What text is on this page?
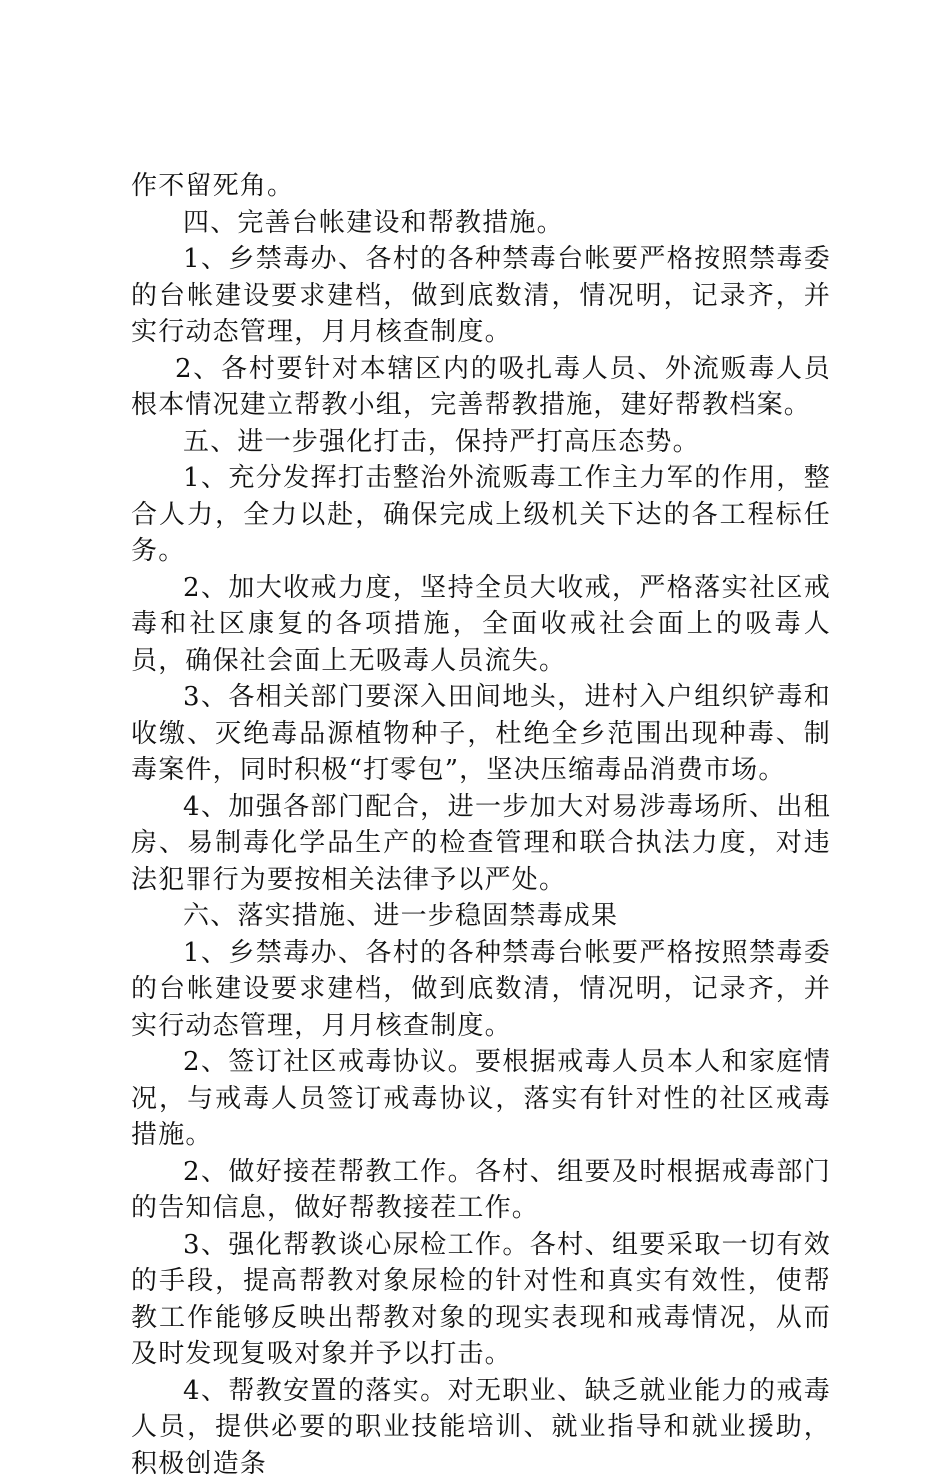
作不留死角。

四、完善台帐建设和帮教措施。

1、乡禁毒办、各村的各种禁毒台帐要严格按照禁毒委的台帐建设要求建档，做到底数清，情况明，记录齐，并实行动态管理，月月核查制度。

2、各村要针对本辖区内的吸扎毒人员、外流贩毒人员根本情况建立帮教小组，完善帮教措施，建好帮教档案。

五、进一步强化打击，保持严打高压态势。

1、充分发挥打击整治外流贩毒工作主力军的作用，整合人力，全力以赴，确保完成上级机关下达的各工程标任务。

2、加大收戒力度，坚持全员大收戒，严格落实社区戒毒和社区康复的各项措施，全面收戒社会面上的吸毒人员，确保社会面上无吸毒人员流失。

3、各相关部门要深入田间地头，进村入户组织铲毒和收缴、灭绝毒品源植物种子，杜绝全乡范围出现种毒、制毒案件，同时积极“打零包”，坚决压缩毒品消费市场。

4、加强各部门配合，进一步加大对易涉毒场所、出租房、易制毒化学品生产的检查管理和联合执法力度，对违法犯罪行为要按相关法律予以严处。

六、落实措施、进一步稳固禁毒成果

1、乡禁毒办、各村的各种禁毒台帐要严格按照禁毒委的台帐建设要求建档，做到底数清，情况明，记录齐，并实行动态管理，月月核查制度。

2、签订社区戒毒协议。要根据戒毒人员本人和家庭情况，与戒毒人员签订戒毒协议，落实有针对性的社区戒毒措施。

2、做好接茬帮教工作。各村、组要及时根据戒毒部门的告知信息，做好帮教接茬工作。

3、强化帮教谈心尿检工作。各村、组要采取一切有效的手段，提高帮教对象尿检的针对性和真实有效性，使帮教工作能够反映出帮教对象的现实表现和戒毒情况，从而及时发现复吸对象并予以打击。

4、帮教安置的落实。对无职业、缺乏就业能力的戒毒人员，提供必要的职业技能培训、就业指导和就业援助，积极创造条
